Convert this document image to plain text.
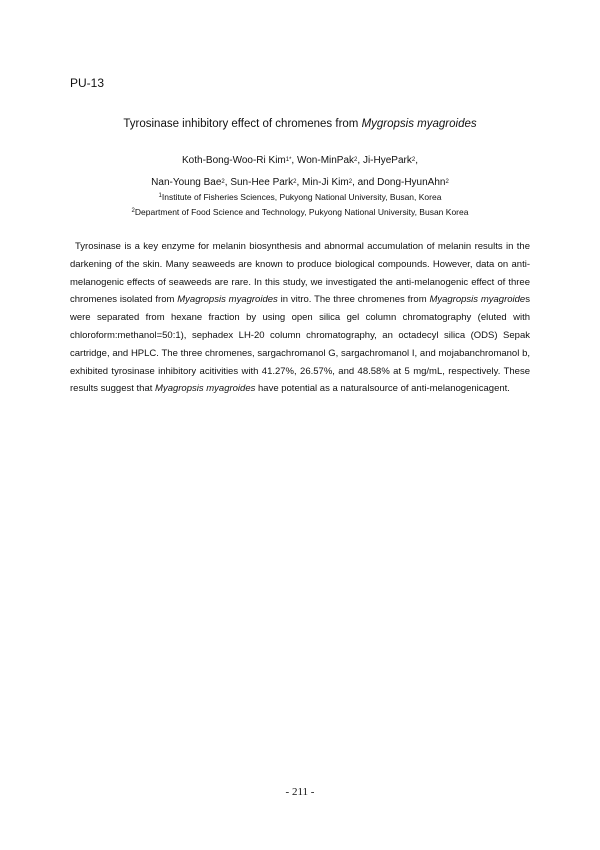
PU-13
Tyrosinase inhibitory effect of chromenes from Mygropsis myagroides
Koth-Bong-Woo-Ri Kim$^{1*}$, Won-MinPak$^2$, Ji-HyePark$^2$,
Nan-Young Bae$^2$, Sun-Hee Park$^2$, Min-Ji Kim$^2$, and Dong-HyunAhn$^2$
$^1$Institute of Fisheries Sciences, Pukyong National University, Busan, Korea
$^2$Department of Food Science and Technology, Pukyong National University, Busan Korea
Tyrosinase is a key enzyme for melanin biosynthesis and abnormal accumulation of melanin results in the darkening of the skin. Many seaweeds are known to produce biological compounds. However, data on anti-melanogenic effects of seaweeds are rare. In this study, we investigated the anti-melanogenic effect of three chromenes isolated from Myagropsis myagroides in vitro. The three chromenes from Myagropsis myagroides were separated from hexane fraction by using open silica gel column chromatography (eluted with chloroform:methanol=50:1), sephadex LH-20 column chromatography, an octadecyl silica (ODS) Sepak cartridge, and HPLC. The three chromenes, sargachromanol G, sargachromanol I, and mojabanchromanol b, exhibited tyrosinase inhibitory acitivities with 41.27%, 26.57%, and 48.58% at 5 mg/mL, respectively. These results suggest that Myagropsis myagroides have potential as a naturalsource of anti-melanogenicagent.
- 211 -
